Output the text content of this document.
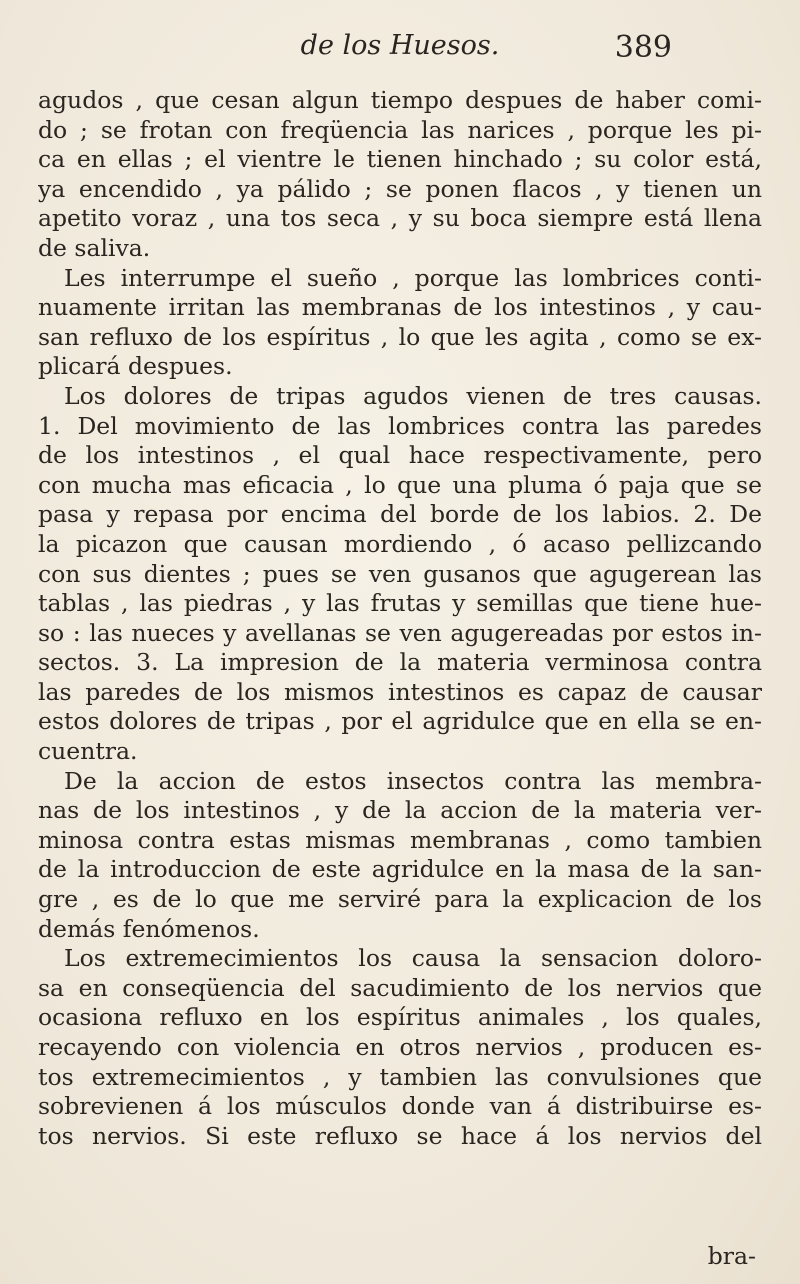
de los Huesos.	389
agudos , que cesan algun tiempo despues de haber comi-
do ; se frotan con freqüencia las narices , porque les pi-
ca en ellas ; el vientre le tienen hinchado ; su color está,
ya encendido , ya pálido ; se ponen flacos , y tienen un
apetito voraz , una tos seca , y su boca siempre está llena
de saliva.
Les interrumpe el sueño , porque las lombrices conti-
nuamente irritan las membranas de los intestinos , y cau-
san refluxo de los espíritus , lo que les agita , como se ex-
plicará despues.
Los dolores de tripas agudos vienen de tres causas.
1. Del movimiento de las lombrices contra las paredes
de los intestinos , el qual hace respectivamente, pero
con mucha mas eficacia , lo que una pluma ó paja que se
pasa y repasa por encima del borde de los labios. 2. De
la picazon que causan mordiendo , ó acaso pellizcando
con sus dientes ; pues se ven gusanos que agugerean las
tablas , las piedras , y las frutas y semillas que tiene hue-
so : las nueces y avellanas se ven agugereadas por estos in-
sectos. 3. La impresion de la materia verminosa contra
las paredes de los mismos intestinos es capaz de causar
estos dolores de tripas , por el agridulce que en ella se en-
cuentra.
De la accion de estos insectos contra las membra-
nas de los intestinos , y de la accion de la materia ver-
minosa contra estas mismas membranas , como tambien
de la introduccion de este agridulce en la masa de la san-
gre , es de lo que me serviré para la explicacion de los
demás fenómenos.
Los extremecimientos los causa la sensacion doloro-
sa en conseqüencia del sacudimiento de los nervios que
ocasiona refluxo en los espíritus animales , los quales,
recayendo con violencia en otros nervios , producen es-
tos extremecimientos , y tambien las convulsiones que
sobrevienen á los músculos donde van á distribuirse es-
tos nervios. Si este refluxo se hace á los nervios del
bra-
